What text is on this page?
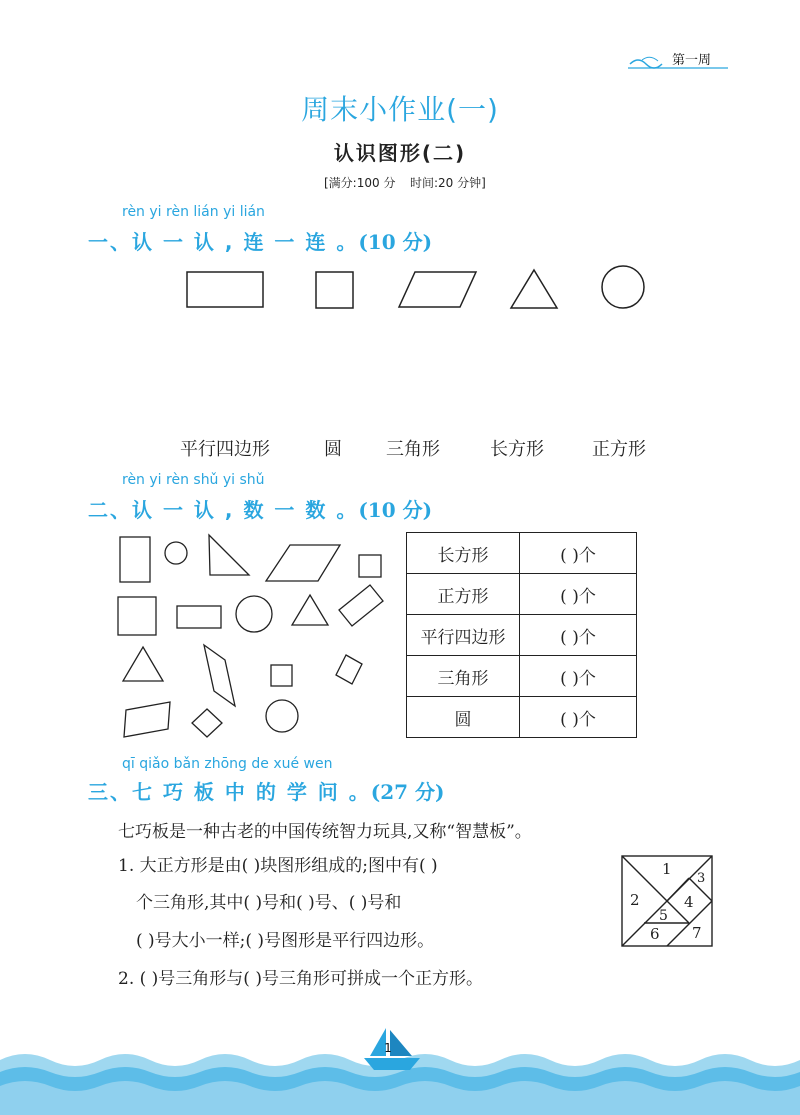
第一周
周末小作业(一)
认识图形(二)
[满分:100 分 时间:20 分钟]
rèn yi rèn lián yi lián
一、认 一 认 , 连 一 连 。(10 分)
平行四边形	圆 三角形	长方形	正方形
rèn yi rèn shǔ yi shǔ
二、认 一 认 , 数 一 数 。(10 分)
长方形	( )个
正方形	( )个
平行四边形	( )个
三角形	( )个
圆	( )个
qī qiǎo bǎn zhōng de xué wen
三、七 巧 板 中 的 学 问 。(27 分)
七巧板是一种古老的中国传统智力玩具,又称“智慧板”。
1. 大正方形是由( )块图形组成的;图中有( )
个三角形,其中( )号和( )号、( )号和
( )号大小一样;( )号图形是平行四边形。
2. ( )号三角形与( )号三角形可拼成一个正方形。
1
2
3
4
5
6 7
1
